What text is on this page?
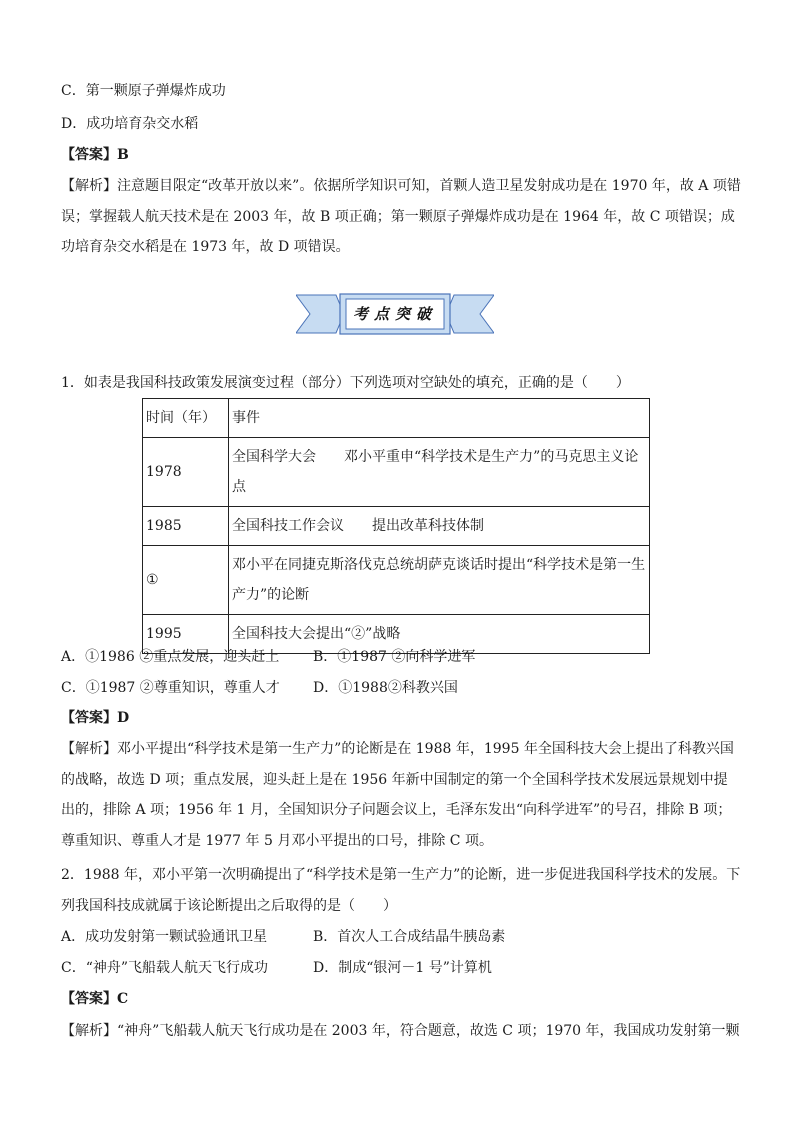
C．第一颗原子弹爆炸成功
D．成功培育杂交水稻
【答案】B
【解析】注意题目限定“改革开放以来”。依据所学知识可知，首颗人造卫星发射成功是在 1970 年，故 A 项错误；掌握载人航天技术是在 2003 年，故 B 项正确；第一颗原子弹爆炸成功是在 1964 年，故 C 项错误；成功培育杂交水稻是在 1973 年，故 D 项错误。
考点突破
1．如表是我国科技政策发展演变过程（部分）下列选项对空缺处的填充，正确的是（　　）
时间（年）	事件
1978	全国科学大会　　邓小平重申“科学技术是生产力”的马克思主义论点
1985	全国科技工作会议　　提出改革科技体制
①	邓小平在同捷克斯洛伐克总统胡萨克谈话时提出“科学技术是第一生产力”的论断
1995	全国科技大会提出“②”战略
A．①1986 ②重点发展，迎头赶上 B．①1987 ②向科学进军
C．①1987 ②尊重知识，尊重人才 D．①1988②科教兴国
【答案】D
【解析】邓小平提出“科学技术是第一生产力”的论断是在 1988 年，1995 年全国科技大会上提出了科教兴国的战略，故选 D 项；重点发展，迎头赶上是在 1956 年新中国制定的第一个全国科学技术发展远景规划中提出的，排除 A 项；1956 年 1 月，全国知识分子问题会议上，毛泽东发出“向科学进军”的号召，排除 B 项；尊重知识、尊重人才是 1977 年 5 月邓小平提出的口号，排除 C 项。
2．1988 年，邓小平第一次明确提出了“科学技术是第一生产力”的论断，进一步促进我国科学技术的发展。下列我国科技成就属于该论断提出之后取得的是（　　）
A．成功发射第一颗试验通讯卫星	B．首次人工合成结晶牛胰岛素
C．“神舟”飞船载人航天飞行成功	D．制成“银河－1 号”计算机
【答案】C
【解析】“神舟”飞船载人航天飞行成功是在 2003 年，符合题意，故选 C 项；1970 年，我国成功发射第一颗
